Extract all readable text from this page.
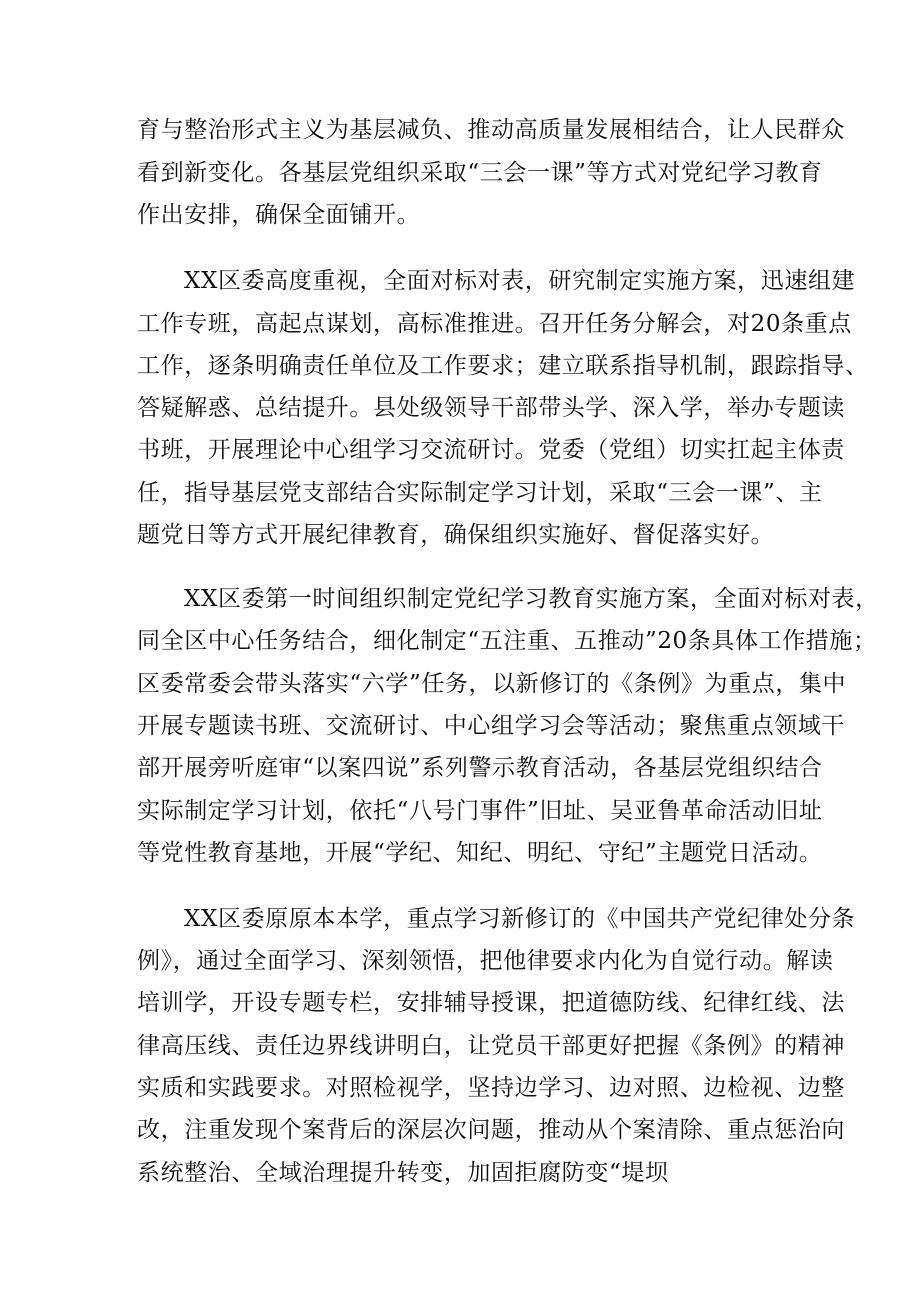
育与整治形式主义为基层减负、推动高质量发展相结合，让人民群众
看到新变化。各基层党组织采取“三会一课”等方式对党纪学习教育
作出安排，确保全面铺开。
XX区委高度重视，全面对标对表，研究制定实施方案，迅速组建
工作专班，高起点谋划，高标准推进。召开任务分解会，对20条重点
工作，逐条明确责任单位及工作要求；建立联系指导机制，跟踪指导、
答疑解惑、总结提升。县处级领导干部带头学、深入学，举办专题读
书班，开展理论中心组学习交流研讨。党委（党组）切实扛起主体责
任，指导基层党支部结合实际制定学习计划，采取“三会一课”、主
题党日等方式开展纪律教育，确保组织实施好、督促落实好。
XX区委第一时间组织制定党纪学习教育实施方案，全面对标对表，
同全区中心任务结合，细化制定“五注重、五推动”20条具体工作措施；
区委常委会带头落实“六学”任务，以新修订的《条例》为重点，集中
开展专题读书班、交流研讨、中心组学习会等活动；聚焦重点领域干
部开展旁听庭审“以案四说”系列警示教育活动，各基层党组织结合
实际制定学习计划，依托“八号门事件”旧址、吴亚鲁革命活动旧址
等党性教育基地，开展“学纪、知纪、明纪、守纪”主题党日活动。
XX区委原原本本学，重点学习新修订的《中国共产党纪律处分条
例》，通过全面学习、深刻领悟，把他律要求内化为自觉行动。解读
培训学，开设专题专栏，安排辅导授课，把道德防线、纪律红线、法
律高压线、责任边界线讲明白，让党员干部更好把握《条例》的精神
实质和实践要求。对照检视学，坚持边学习、边对照、边检视、边整
改，注重发现个案背后的深层次问题，推动从个案清除、重点惩治向
系统整治、全域治理提升转变，加固拒腐防变“堤坝
